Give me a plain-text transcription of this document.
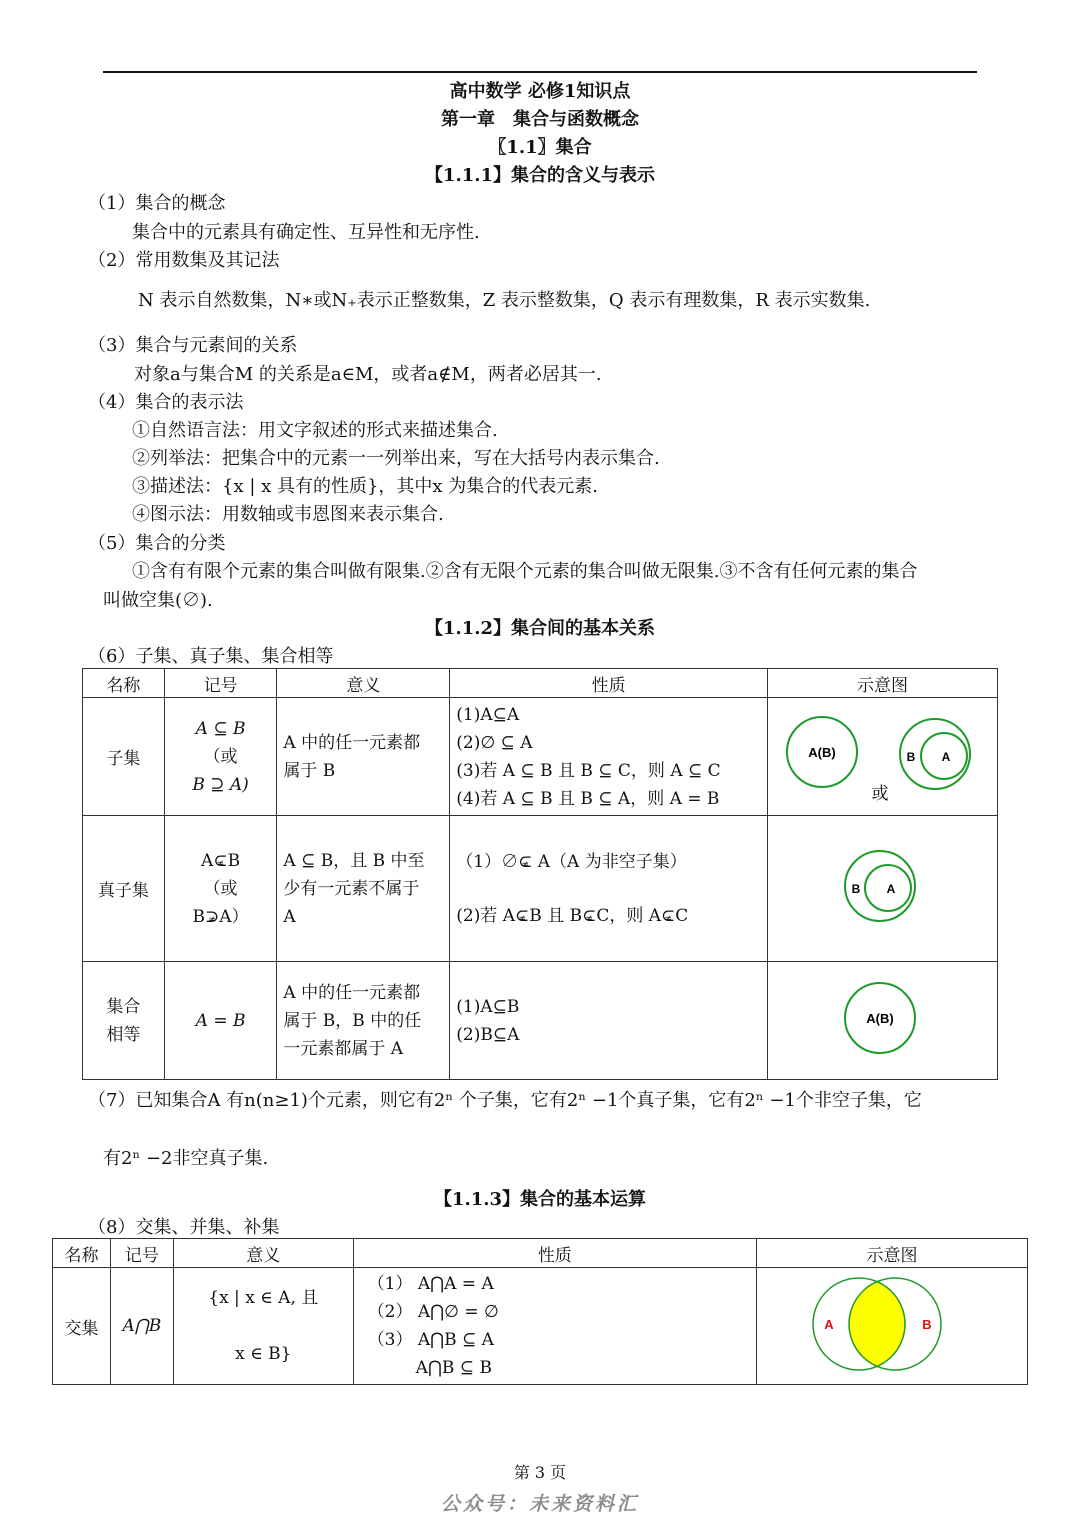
高中数学 必修1知识点
第一章　集合与函数概念
〖1.1〗集合
【1.1.1】集合的含义与表示
（1）集合的概念
集合中的元素具有确定性、互异性和无序性.
（2）常用数集及其记法
N 表示自然数集，N∗或N₊表示正整数集，Z 表示整数集，Q 表示有理数集，R 表示实数集.
（3）集合与元素间的关系
对象a与集合M 的关系是a∈M，或者a∉M，两者必居其一.
（4）集合的表示法
①自然语言法：用文字叙述的形式来描述集合.
②列举法：把集合中的元素一一列举出来，写在大括号内表示集合.
③描述法：{x | x 具有的性质}，其中x 为集合的代表元素.
④图示法：用数轴或韦恩图来表示集合.
（5）集合的分类
①含有有限个元素的集合叫做有限集.②含有无限个元素的集合叫做无限集.③不含有任何元素的集合
叫做空集(∅).
【1.1.2】集合间的基本关系
（6）子集、真子集、集合相等
名称	记号	意义	性质	示意图
子集	A ⊆ B
（或
B ⊇ A)	A 中的任一元素都
属于 B	(1)A⊆A
(2)∅ ⊆ A
(3)若 A ⊆ B 且 B ⊆ C，则 A ⊆ C
(4)若 A ⊆ B 且 B ⊆ A，则 A = B	A(B) B A
或

真子集	A⊂ ≠B
（或
B⊃ ≠A）	A ⊆ B，且 B 中至
少有一元素不属于
A	（1）∅⊂ ≠ A（A 为非空子集）
(2)若 A⊂ ≠B 且 B⊂ ≠C，则 A⊂ ≠C	B A

集合
相等	A = B	A 中的任一元素都
属于 B，B 中的任
一元素都属于 A	(1)A⊆B
(2)B⊆A	A(B)
（7）已知集合A 有n(n≥1)个元素，则它有2ⁿ 个子集，它有2ⁿ −1个真子集，它有2ⁿ −1个非空子集，它
有2ⁿ −2非空真子集.
【1.1.3】集合的基本运算
（8）交集、并集、补集
名称	记号	意义	性质	示意图
交集	A⋂B	{x | x ∈ A, 且
x ∈ B}	（1） A⋂A = A
（2） A⋂∅ = ∅
（3） A⋂B ⊆ A
A⋂B ⊆ B	A B
第 3 页
公众号：未来资料汇
